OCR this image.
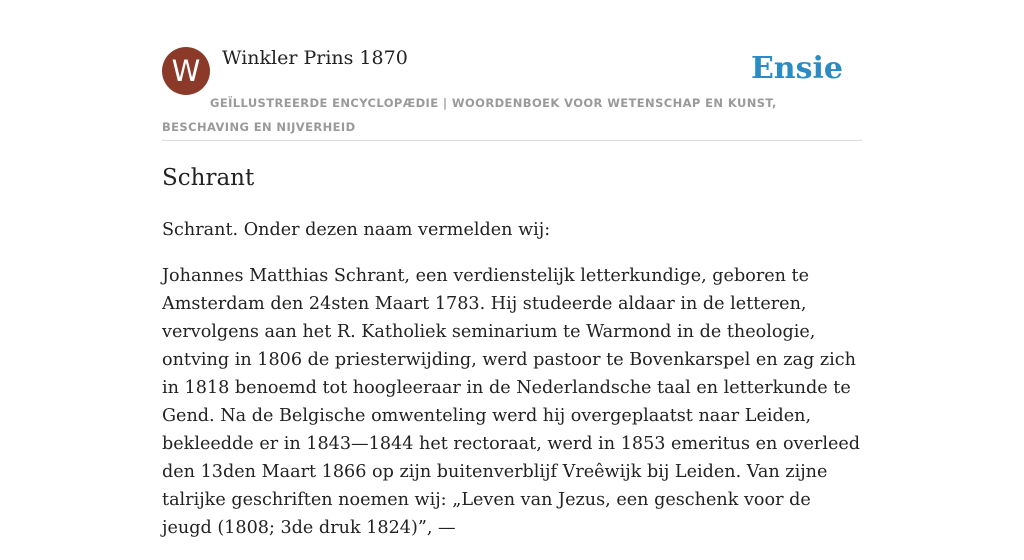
W	Winkler Prins 1870	Ensie
GEÏLLUSTREERDE ENCYCLOPÆDIE | WOORDENBOEK VOOR WETENSCHAP EN KUNST, BESCHAVING EN NIJVERHEID
Schrant

Schrant. Onder dezen naam vermelden wij:

Johannes Matthias Schrant, een verdienstelijk letterkundige, geboren te Amsterdam den 24sten Maart 1783. Hij studeerde aldaar in de letteren, vervolgens aan het R. Katholiek seminarium te Warmond in de theologie, ontving in 1806 de priesterwijding, werd pastoor te Bovenkarspel en zag zich in 1818 benoemd tot hoogleeraar in de Nederlandsche taal en letterkunde te Gend. Na de Belgische omwenteling werd hij overgeplaatst naar Leiden, bekleedde er in 1843—1844 het rectoraat, werd in 1853 emeritus en overleed den 13den Maart 1866 op zijn buitenverblijf Vreêwijk bij Leiden. Van zijne talrijke geschriften noemen wij: „Leven van Jezus, een geschenk voor de jeugd (1808; 3de druk 1824)”, —
